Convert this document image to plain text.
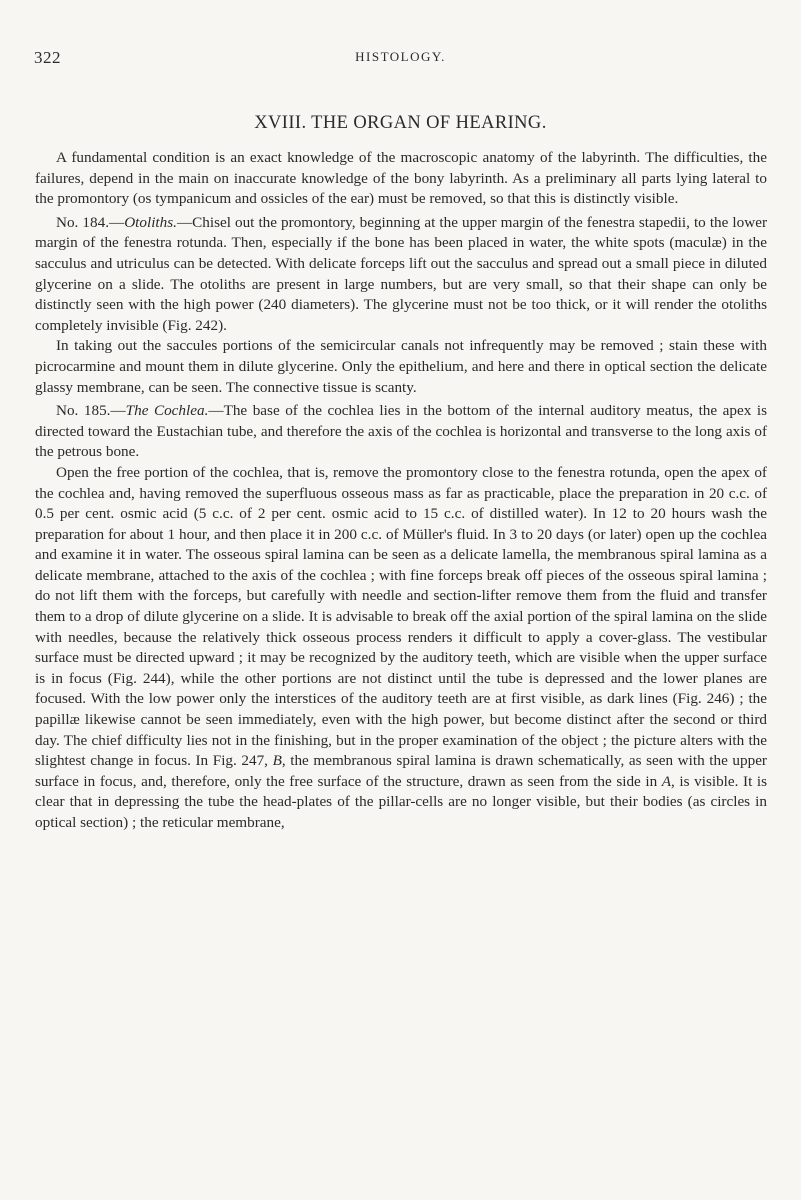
322	HISTOLOGY.
XVIII. THE ORGAN OF HEARING.

A fundamental condition is an exact knowledge of the macroscopic anatomy of the labyrinth. The difficulties, the failures, depend in the main on inaccurate knowledge of the bony labyrinth. As a preliminary all parts lying lateral to the promontory (os tympanicum and ossicles of the ear) must be removed, so that this is distinctly visible.

No. 184.—Otoliths.—Chisel out the promontory, beginning at the upper margin of the fenestra stapedii, to the lower margin of the fenestra rotunda. Then, especially if the bone has been placed in water, the white spots (maculæ) in the sacculus and utriculus can be detected. With delicate forceps lift out the sacculus and spread out a small piece in diluted glycerine on a slide. The otoliths are present in large numbers, but are very small, so that their shape can only be distinctly seen with the high power (240 diameters). The glycerine must not be too thick, or it will render the otoliths completely invisible (Fig. 242).

In taking out the saccules portions of the semicircular canals not infrequently may be removed ; stain these with picrocarmine and mount them in dilute glycerine. Only the epithelium, and here and there in optical section the delicate glassy membrane, can be seen. The connective tissue is scanty.

No. 185.—The Cochlea.—The base of the cochlea lies in the bottom of the internal auditory meatus, the apex is directed toward the Eustachian tube, and therefore the axis of the cochlea is horizontal and transverse to the long axis of the petrous bone.

Open the free portion of the cochlea, that is, remove the promontory close to the fenestra rotunda, open the apex of the cochlea and, having removed the superfluous osseous mass as far as practicable, place the preparation in 20 c.c. of 0.5 per cent. osmic acid (5 c.c. of 2 per cent. osmic acid to 15 c.c. of distilled water). In 12 to 20 hours wash the preparation for about 1 hour, and then place it in 200 c.c. of Müller's fluid. In 3 to 20 days (or later) open up the cochlea and examine it in water. The osseous spiral lamina can be seen as a delicate lamella, the membranous spiral lamina as a delicate membrane, attached to the axis of the cochlea ; with fine forceps break off pieces of the osseous spiral lamina ; do not lift them with the forceps, but carefully with needle and section-lifter remove them from the fluid and transfer them to a drop of dilute glycerine on a slide. It is advisable to break off the axial portion of the spiral lamina on the slide with needles, because the relatively thick osseous process renders it difficult to apply a cover-glass. The vestibular surface must be directed upward ; it may be recognized by the auditory teeth, which are visible when the upper surface is in focus (Fig. 244), while the other portions are not distinct until the tube is depressed and the lower planes are focused. With the low power only the interstices of the auditory teeth are at first visible, as dark lines (Fig. 246) ; the papillæ likewise cannot be seen immediately, even with the high power, but become distinct after the second or third day. The chief difficulty lies not in the finishing, but in the proper examination of the object ; the picture alters with the slightest change in focus. In Fig. 247, B, the membranous spiral lamina is drawn schematically, as seen with the upper surface in focus, and, therefore, only the free surface of the structure, drawn as seen from the side in A, is visible. It is clear that in depressing the tube the head-plates of the pillar-cells are no longer visible, but their bodies (as circles in optical section) ; the reticular membrane,
